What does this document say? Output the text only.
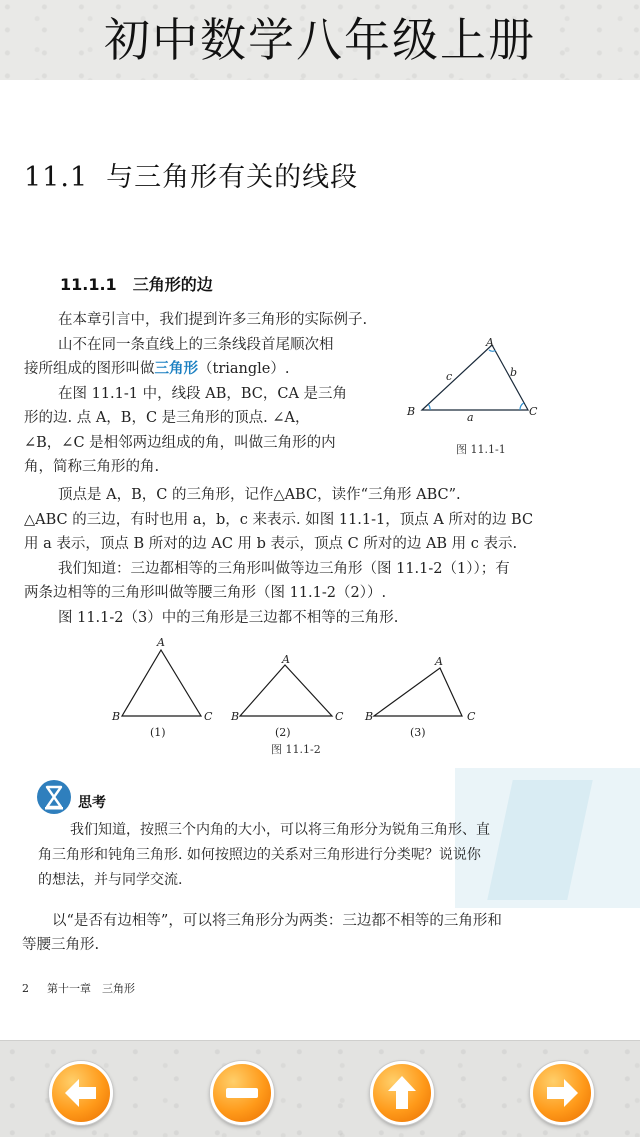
初中数学八年级上册
11.1 与三角形有关的线段
11.1.1 三角形的边
在本章引言中，我们提到许多三角形的实际例子.
山不在同一条直线上的三条线段首尾顺次相
接所组成的图形叫做三角形（triangle）.
在图 11.1-1 中，线段 AB，BC，CA 是三角
形的边. 点 A，B，C 是三角形的顶点. ∠A，
∠B，∠C 是相邻两边组成的角，叫做三角形的内
角，简称三角形的角.
A
B	C
c	b
a
图 11.1-1
顶点是 A，B，C 的三角形，记作△ABC，读作“三角形 ABC”.
△ABC 的三边，有时也用 a，b，c 来表示. 如图 11.1-1，顶点 A 所对的边 BC
用 a 表示，顶点 B 所对的边 AC 用 b 表示，顶点 C 所对的边 AB 用 c 表示.
我们知道：三边都相等的三角形叫做等边三角形（图 11.1-2（1））；有
两条边相等的三角形叫做等腰三角形（图 11.1-2（2））.
图 11.1-2（3）中的三角形是三边都不相等的三角形.
A
B	C
(1)
A
B	C
(2)
A
B	C
(3)
图 11.1-2
思考
我们知道，按照三个内角的大小，可以将三角形分为锐角三角形、直
角三角形和钝角三角形. 如何按照边的关系对三角形进行分类呢？说说你
的想法，并与同学交流.
以“是否有边相等”，可以将三角形分为两类：三边都不相等的三角形和
等腰三角形.
2 第十一章　三角形
